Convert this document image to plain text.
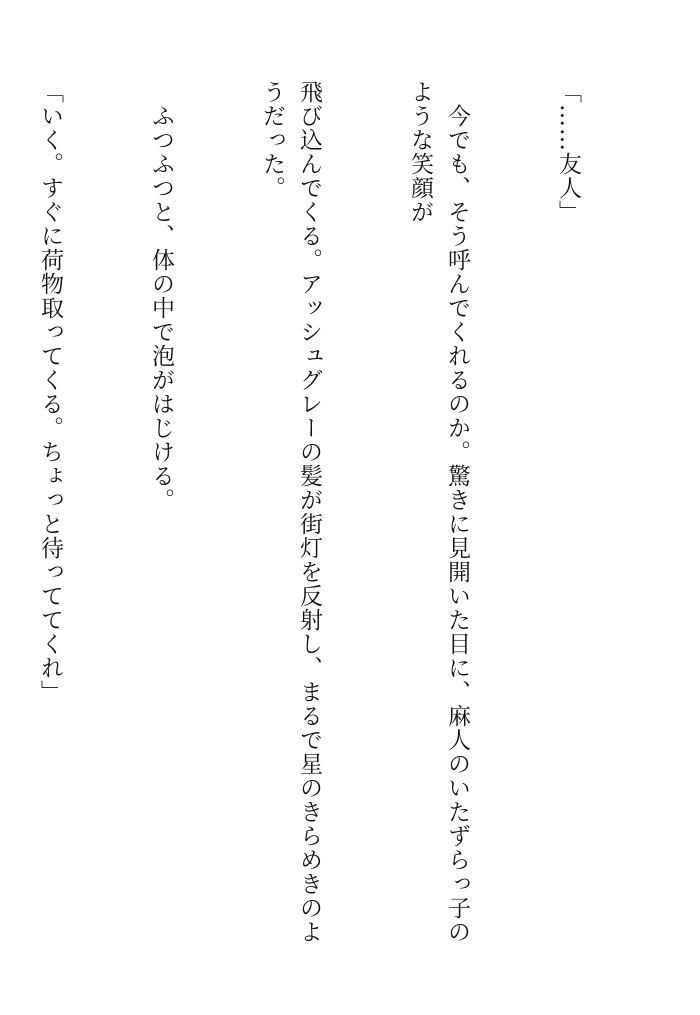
「……友人」

　今でも、そう呼んでくれるのか。驚きに見開いた目に、麻人のいたずらっ子のような笑顔が

飛び込んでくる。アッシュグレーの髪が街灯を反射し、まるで星のきらめきのようだった。

　ふつふつと、体の中で泡がはじける。

「いく。すぐに荷物取ってくる。ちょっと待っててくれ」
